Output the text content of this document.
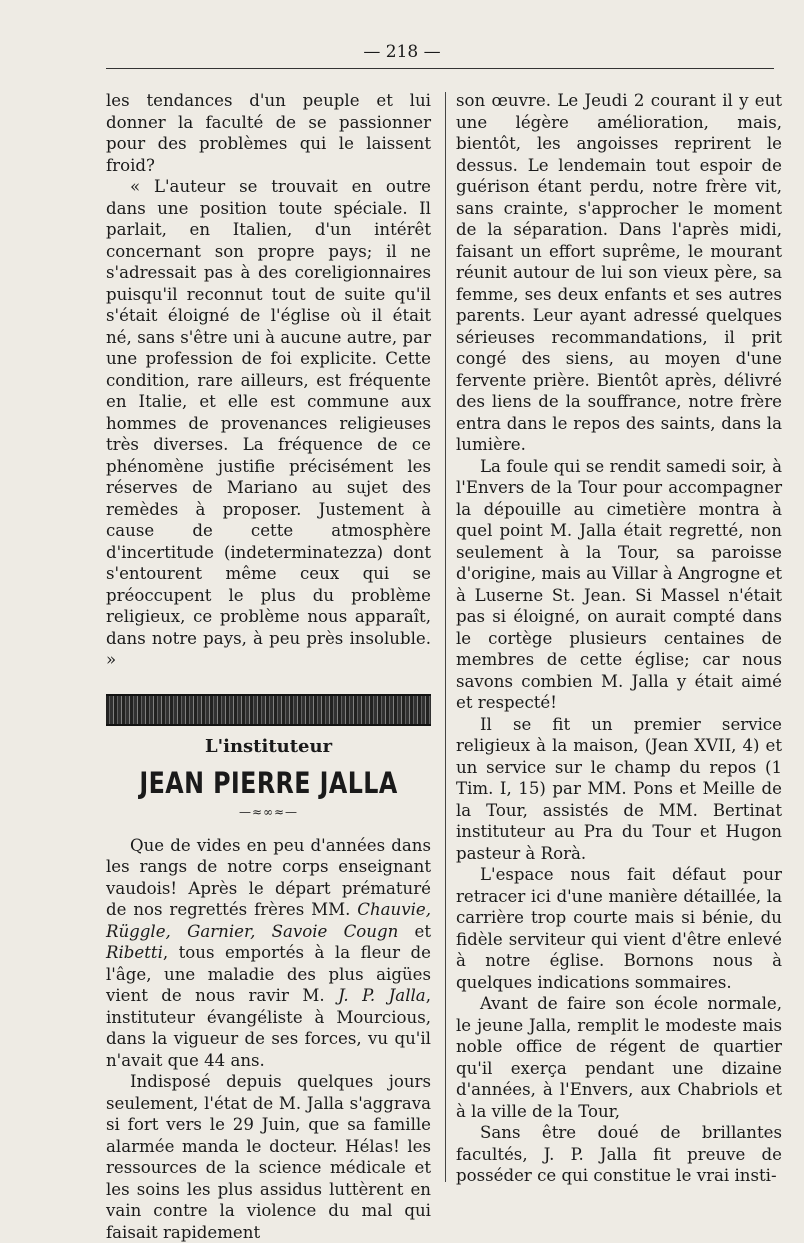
— 218 —

les tendances d'un peuple et lui donner la faculté de se passionner pour des problèmes qui le laissent froid?

« L'auteur se trouvait en outre dans une position toute spéciale. Il parlait, en Italien, d'un intérêt concernant son propre pays; il ne s'adressait pas à des coreligionnaires puisqu'il reconnut tout de suite qu'il s'était éloigné de l'église où il était né, sans s'être uni à aucune autre, par une profession de foi explicite. Cette condition, rare ailleurs, est fréquente en Italie, et elle est commune aux hommes de provenances religieuses très diverses. La fréquence de ce phénomène justifie précisément les réserves de Mariano au sujet des remèdes à proposer. Justement à cause de cette atmosphère d'incertitude (indeterminatezza) dont s'entourent même ceux qui se préoccupent le plus du problème religieux, ce problème nous apparaît, dans notre pays, à peu près insoluble. »

L'instituteur

JEAN PIERRE JALLA

—≈∞≈—

Que de vides en peu d'années dans les rangs de notre corps enseignant vaudois! Après le départ prématuré de nos regrettés frères MM. Chauvie, Rüggle, Garnier, Savoie Cougn et Ribetti, tous emportés à la fleur de l'âge, une maladie des plus aigües vient de nous ravir M. J. P. Jalla, instituteur évangéliste à Mourcious, dans la vigueur de ses forces, vu qu'il n'avait que 44 ans.

Indisposé depuis quelques jours seulement, l'état de M. Jalla s'aggrava si fort vers le 29 Juin, que sa famille alarmée manda le docteur. Hélas! les ressources de la science médicale et les soins les plus assidus luttèrent en vain contre la violence du mal qui faisait rapidement

son œuvre. Le Jeudi 2 courant il y eut une légère amélioration, mais, bientôt, les angoisses reprirent le dessus. Le lendemain tout espoir de guérison étant perdu, notre frère vit, sans crainte, s'approcher le moment de la séparation. Dans l'après midi, faisant un effort suprême, le mourant réunit autour de lui son vieux père, sa femme, ses deux enfants et ses autres parents. Leur ayant adressé quelques sérieuses recommandations, il prit congé des siens, au moyen d'une fervente prière. Bientôt après, délivré des liens de la souffrance, notre frère entra dans le repos des saints, dans la lumière.

La foule qui se rendit samedi soir, à l'Envers de la Tour pour accompagner la dépouille au cimetière montra à quel point M. Jalla était regretté, non seulement à la Tour, sa paroisse d'origine, mais au Villar à Angrogne et à Luserne St. Jean. Si Massel n'était pas si éloigné, on aurait compté dans le cortège plusieurs centaines de membres de cette église; car nous savons combien M. Jalla y était aimé et respecté!

Il se fit un premier service religieux à la maison, (Jean XVII, 4) et un service sur le champ du repos (1 Tim. I, 15) par MM. Pons et Meille de la Tour, assistés de MM. Bertinat instituteur au Pra du Tour et Hugon pasteur à Rorà.

L'espace nous fait défaut pour retracer ici d'une manière détaillée, la carrière trop courte mais si bénie, du fidèle serviteur qui vient d'être enlevé à notre église. Bornons nous à quelques indications sommaires.

Avant de faire son école normale, le jeune Jalla, remplit le modeste mais noble office de régent de quartier qu'il exerça pendant une dizaine d'années, à l'Envers, aux Chabriols et à la ville de la Tour,

Sans être doué de brillantes facultés, J. P. Jalla fit preuve de posséder ce qui constitue le vrai insti-
